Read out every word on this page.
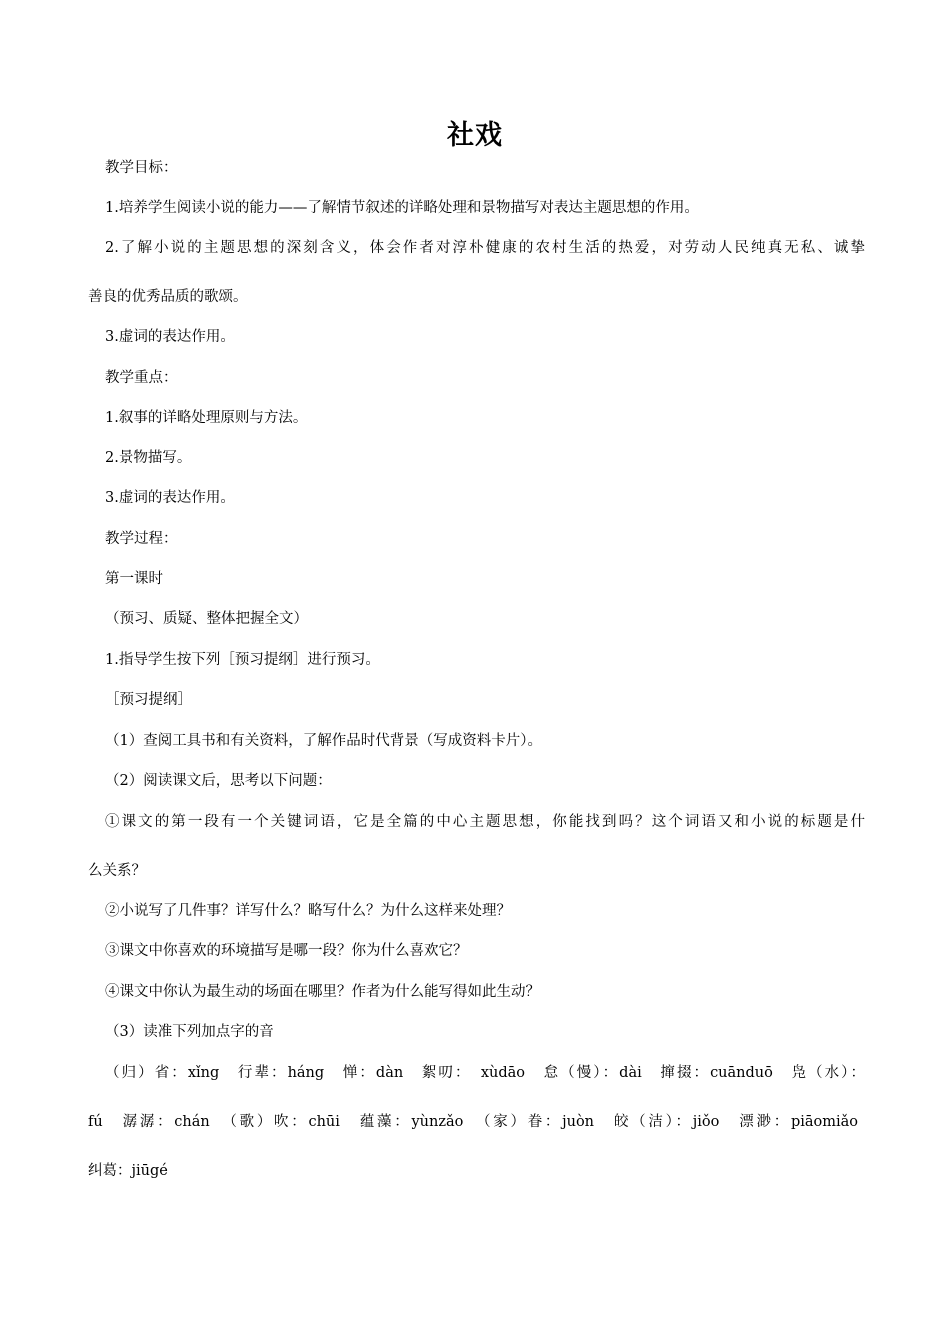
社戏
教学目标：
1.培养学生阅读小说的能力——了解情节叙述的详略处理和景物描写对表达主题思想的作用。
2.了解小说的主题思想的深刻含义，体会作者对淳朴健康的农村生活的热爱，对劳动人民纯真无私、诚挚
善良的优秀品质的歌颂。
3.虚词的表达作用。
教学重点：
1.叙事的详略处理原则与方法。
2.景物描写。
3.虚词的表达作用。
教学过程：
第一课时
（预习、质疑、整体把握全文）
1.指导学生按下列［预习提纲］进行预习。
［预习提纲］
（1）查阅工具书和有关资料，了解作品时代背景（写成资料卡片）。
（2）阅读课文后，思考以下问题：
①课文的第一段有一个关键词语，它是全篇的中心主题思想，你能找到吗？这个词语又和小说的标题是什
么关系？
②小说写了几件事？详写什么？略写什么？为什么这样来处理？
③课文中你喜欢的环境描写是哪一段？你为什么喜欢它？
④课文中你认为最生动的场面在哪里？作者为什么能写得如此生动？
（3）读准下列加点字的音
（归）省：xǐng　行辈：háng　惮：dàn　絮叨：　xùdāo　怠（慢）：dài　撺掇：cuānduō　凫（水）：
fú　潺潺：chán　（歌）吹：chūi　蕴藻：yùnzǎo　（家）眷：juòn　皎（洁）：jiǒo　漂渺：piāomiǎo
纠葛：jiūgé
